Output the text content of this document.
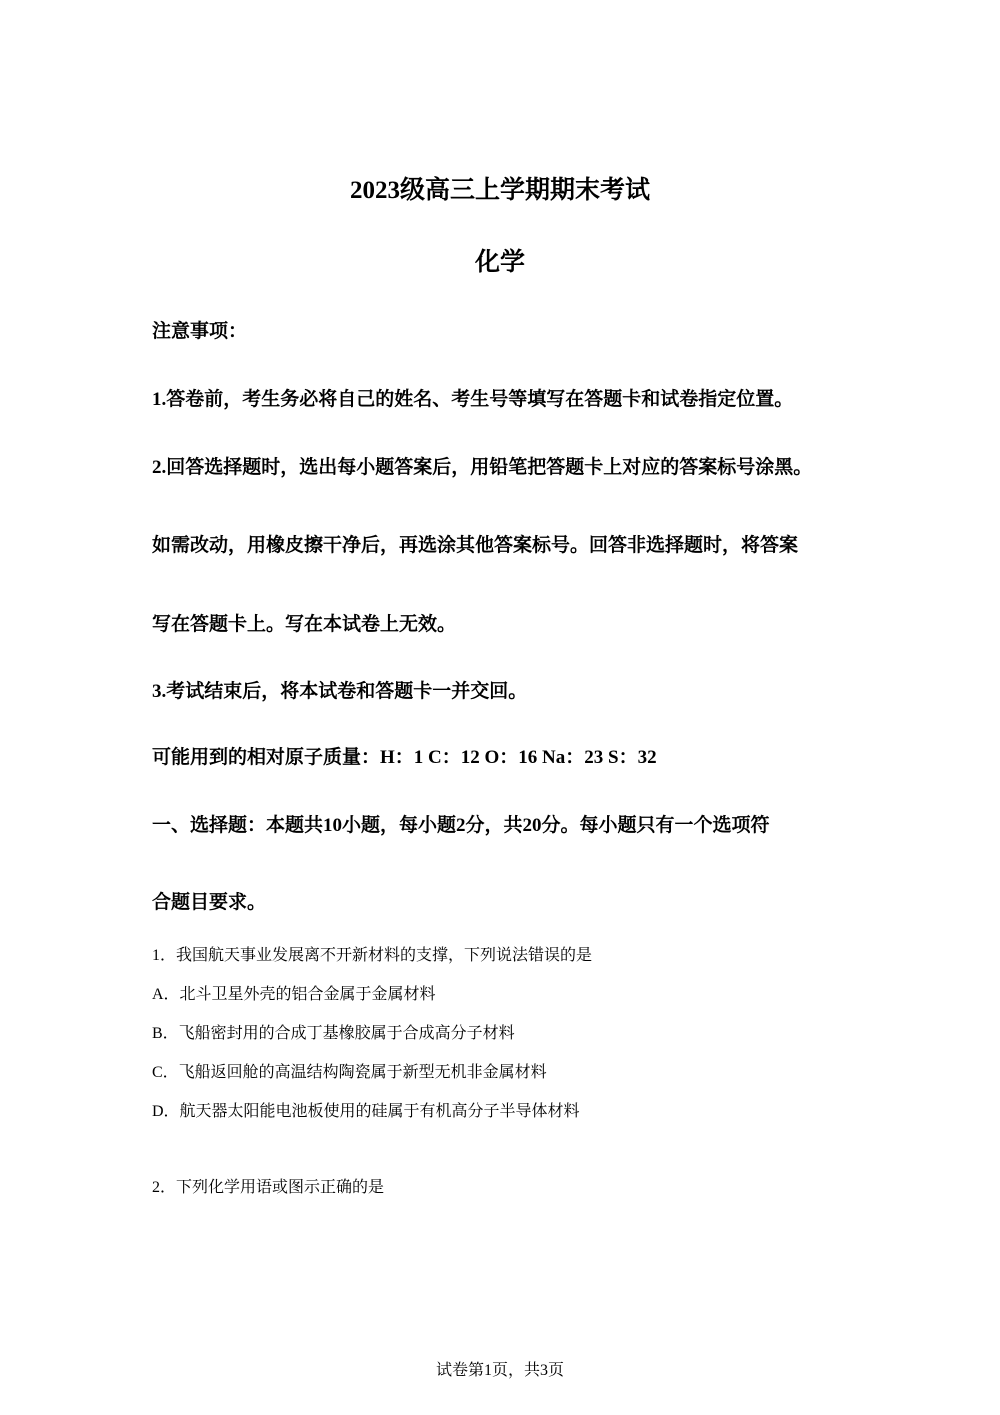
2023级高三上学期期末考试
化学
注意事项：
1.答卷前，考生务必将自己的姓名、考生号等填写在答题卡和试卷指定位置。
2.回答选择题时，选出每小题答案后，用铅笔把答题卡上对应的答案标号涂黑。
如需改动，用橡皮擦干净后，再选涂其他答案标号。回答非选择题时，将答案
写在答题卡上。写在本试卷上无效。
3.考试结束后，将本试卷和答题卡一并交回。
可能用到的相对原子质量：H：1 C：12 O：16 Na：23 S：32
一、选择题：本题共10小题，每小题2分，共20分。每小题只有一个选项符
合题目要求。
1．我国航天事业发展离不开新材料的支撑，下列说法错误的是
A．北斗卫星外壳的铝合金属于金属材料
B．飞船密封用的合成丁基橡胶属于合成高分子材料
C．飞船返回舱的高温结构陶瓷属于新型无机非金属材料
D．航天器太阳能电池板使用的硅属于有机高分子半导体材料
2．下列化学用语或图示正确的是
试卷第1页，共3页
